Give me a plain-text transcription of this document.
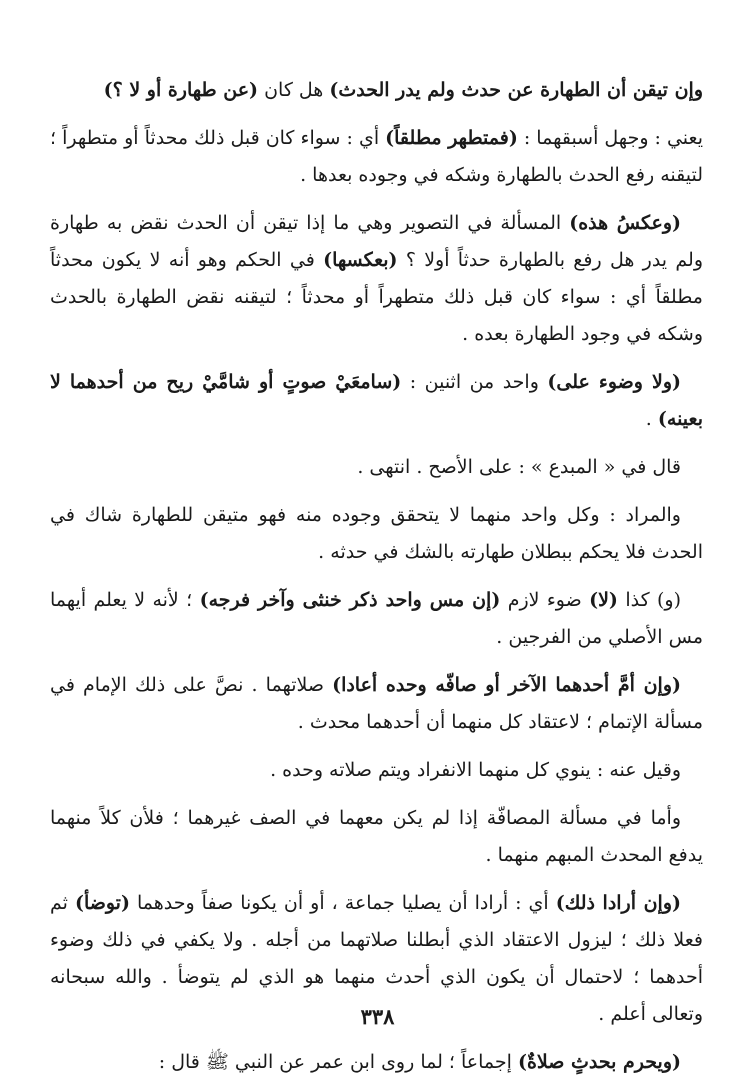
وإن تيقن أن الطهارة عن حدث ولم يدر الحدث) هل كان (عن طهارة أو لا ؟)

يعني : وجهل أسبقهما : (فمتطهر مطلقاً) أي : سواء كان قبل ذلك محدثاً أو متطهراً ؛ لتيقنه رفع الحدث بالطهارة وشكه في وجوده بعدها .

(وعكسُ هذه) المسألة في التصوير وهي ما إذا تيقن أن الحدث نقض به طهارة ولم يدر هل رفع بالطهارة حدثاً أولا ؟ (بعكسها) في الحكم وهو أنه لا يكون محدثاً مطلقاً أي : سواء كان قبل ذلك متطهراً أو محدثاً ؛ لتيقنه نقض الطهارة بالحدث وشكه في وجود الطهارة بعده .

(ولا وضوء على) واحد من اثنين : (سامعَيْ صوتٍ أو شامَّيْ ريح من أحدهما لا بعينه) .

قال في « المبدع » : على الأصح . انتهى .

والمراد : وكل واحد منهما لا يتحقق وجوده منه فهو متيقن للطهارة شاك في الحدث فلا يحكم ببطلان طهارته بالشك في حدثه .

(و) كذا (لا) ضوء لازم (إن مس واحد ذكر خنثى وآخر فرجه) ؛ لأنه لا يعلم أيهما مس الأصلي من الفرجين .

(وإن أمَّ أحدهما الآخر أو صافّه وحده أعادا) صلاتهما . نصَّ على ذلك الإمام في مسألة الإتمام ؛ لاعتقاد كل منهما أن أحدهما محدث .

وقيل عنه : ينوي كل منهما الانفراد ويتم صلاته وحده .

وأما في مسألة المصافّة إذا لم يكن معهما في الصف غيرهما ؛ فلأن كلاً منهما يدفع المحدث المبهم منهما .

(وإن أرادا ذلك) أي : أرادا أن يصليا جماعة ، أو أن يكونا صفاً وحدهما (توضأ) ثم فعلا ذلك ؛ ليزول الاعتقاد الذي أبطلنا صلاتهما من أجله . ولا يكفي في ذلك وضوء أحدهما ؛ لاحتمال أن يكون الذي أحدث منهما هو الذي لم يتوضأ . والله سبحانه وتعالى أعلم .

(ويحرم بحدثٍ صلاةٌ) إجماعاً ؛ لما روى ابن عمر عن النبي ﷺ قال :

٣٣٨
